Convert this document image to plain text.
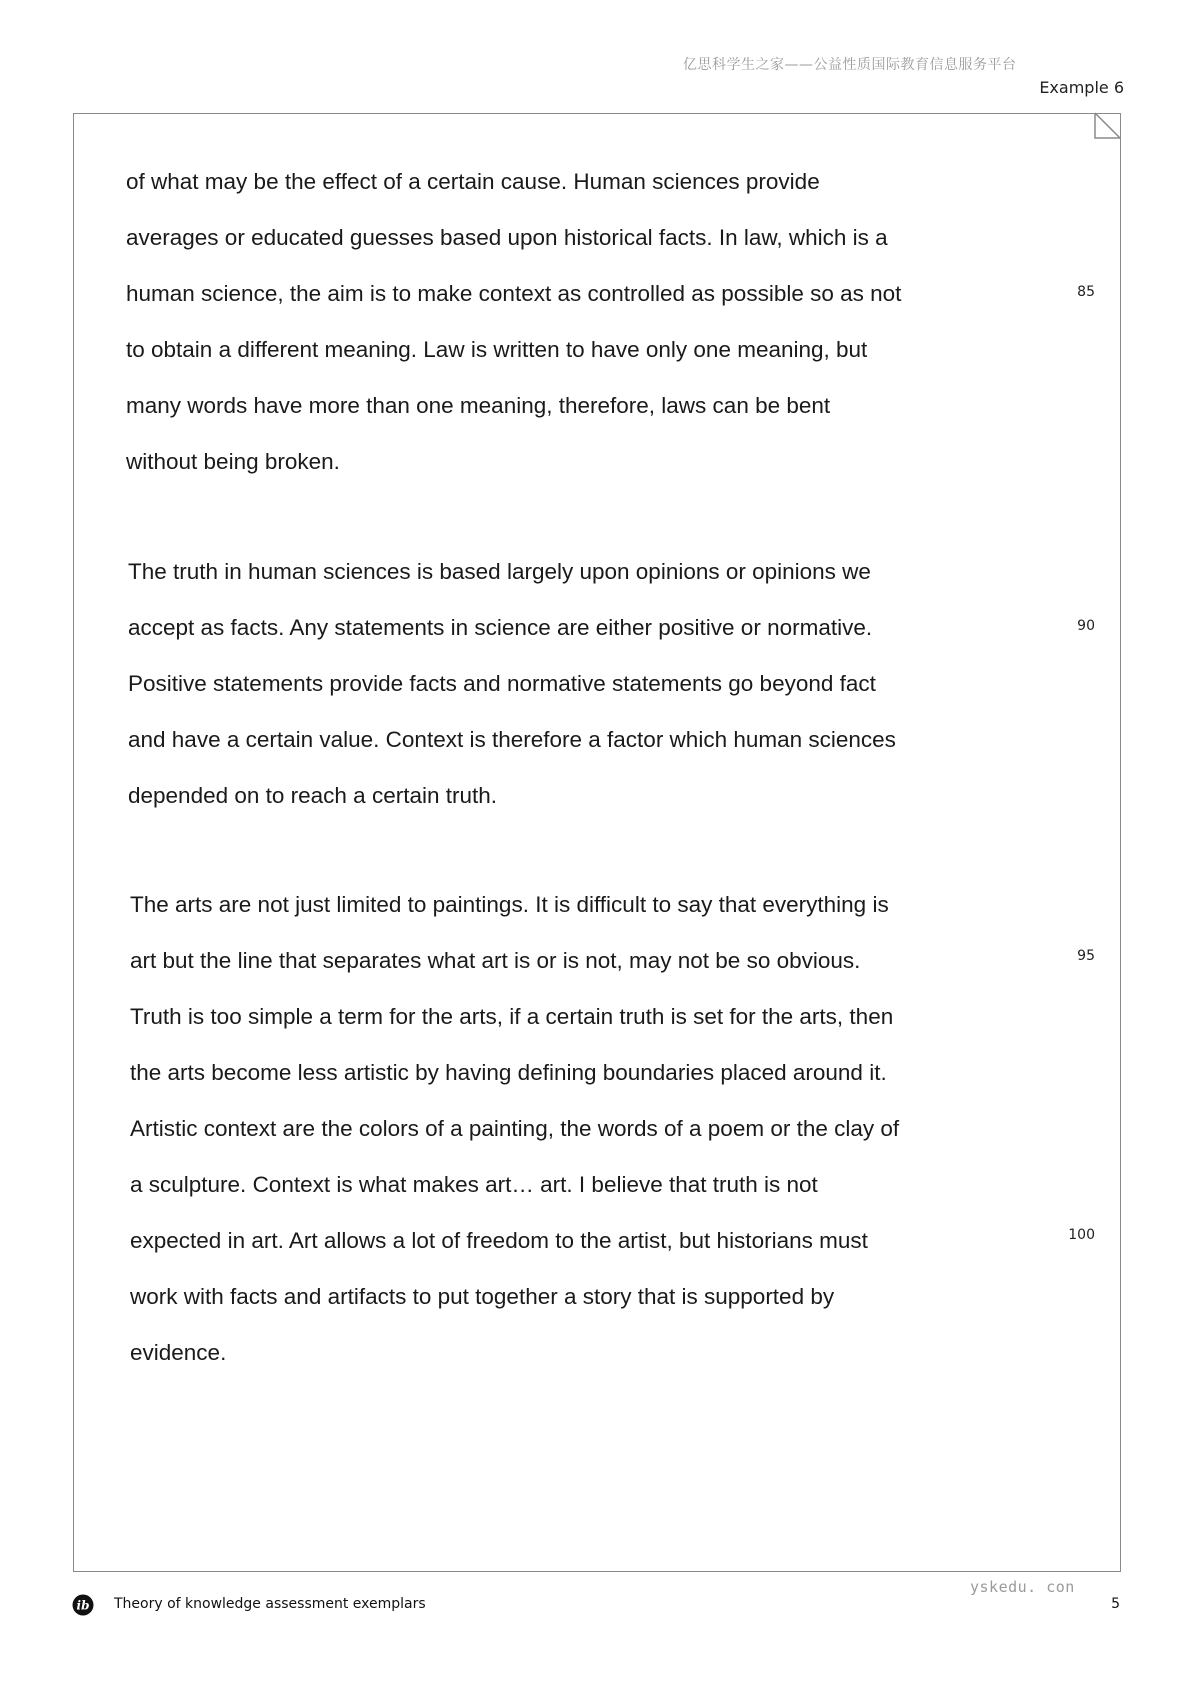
亿思科学生之家——公益性质国际教育信息服务平台
Example 6
of what may be the effect of a certain cause. Human sciences provide
averages or educated guesses based upon historical facts. In law, which is a
human science, the aim is to make context as controlled as possible so as not
to obtain a different meaning. Law is written to have only one meaning, but
many words have more than one meaning, therefore, laws can be bent
without being broken.
The truth in human sciences is based largely upon opinions or opinions we
accept as facts. Any statements in science are either positive or normative.
Positive statements provide facts and normative statements go beyond fact
and have a certain value. Context is therefore a factor which human sciences
depended on to reach a certain truth.
The arts are not just limited to paintings. It is difficult to say that everything is
art but the line that separates what art is or is not, may not be so obvious.
Truth is too simple a term for the arts, if a certain truth is set for the arts, then
the arts become less artistic by having defining boundaries placed around it.
Artistic context are the colors of a painting, the words of a poem or the clay of
a sculpture. Context is what makes art… art. I believe that truth is not
expected in art. Art allows a lot of freedom to the artist, but historians must
work with facts and artifacts to put together a story that is supported by
evidence.
85
90
95
100
ib Theory of knowledge assessment exemplars	5
yskedu. con
